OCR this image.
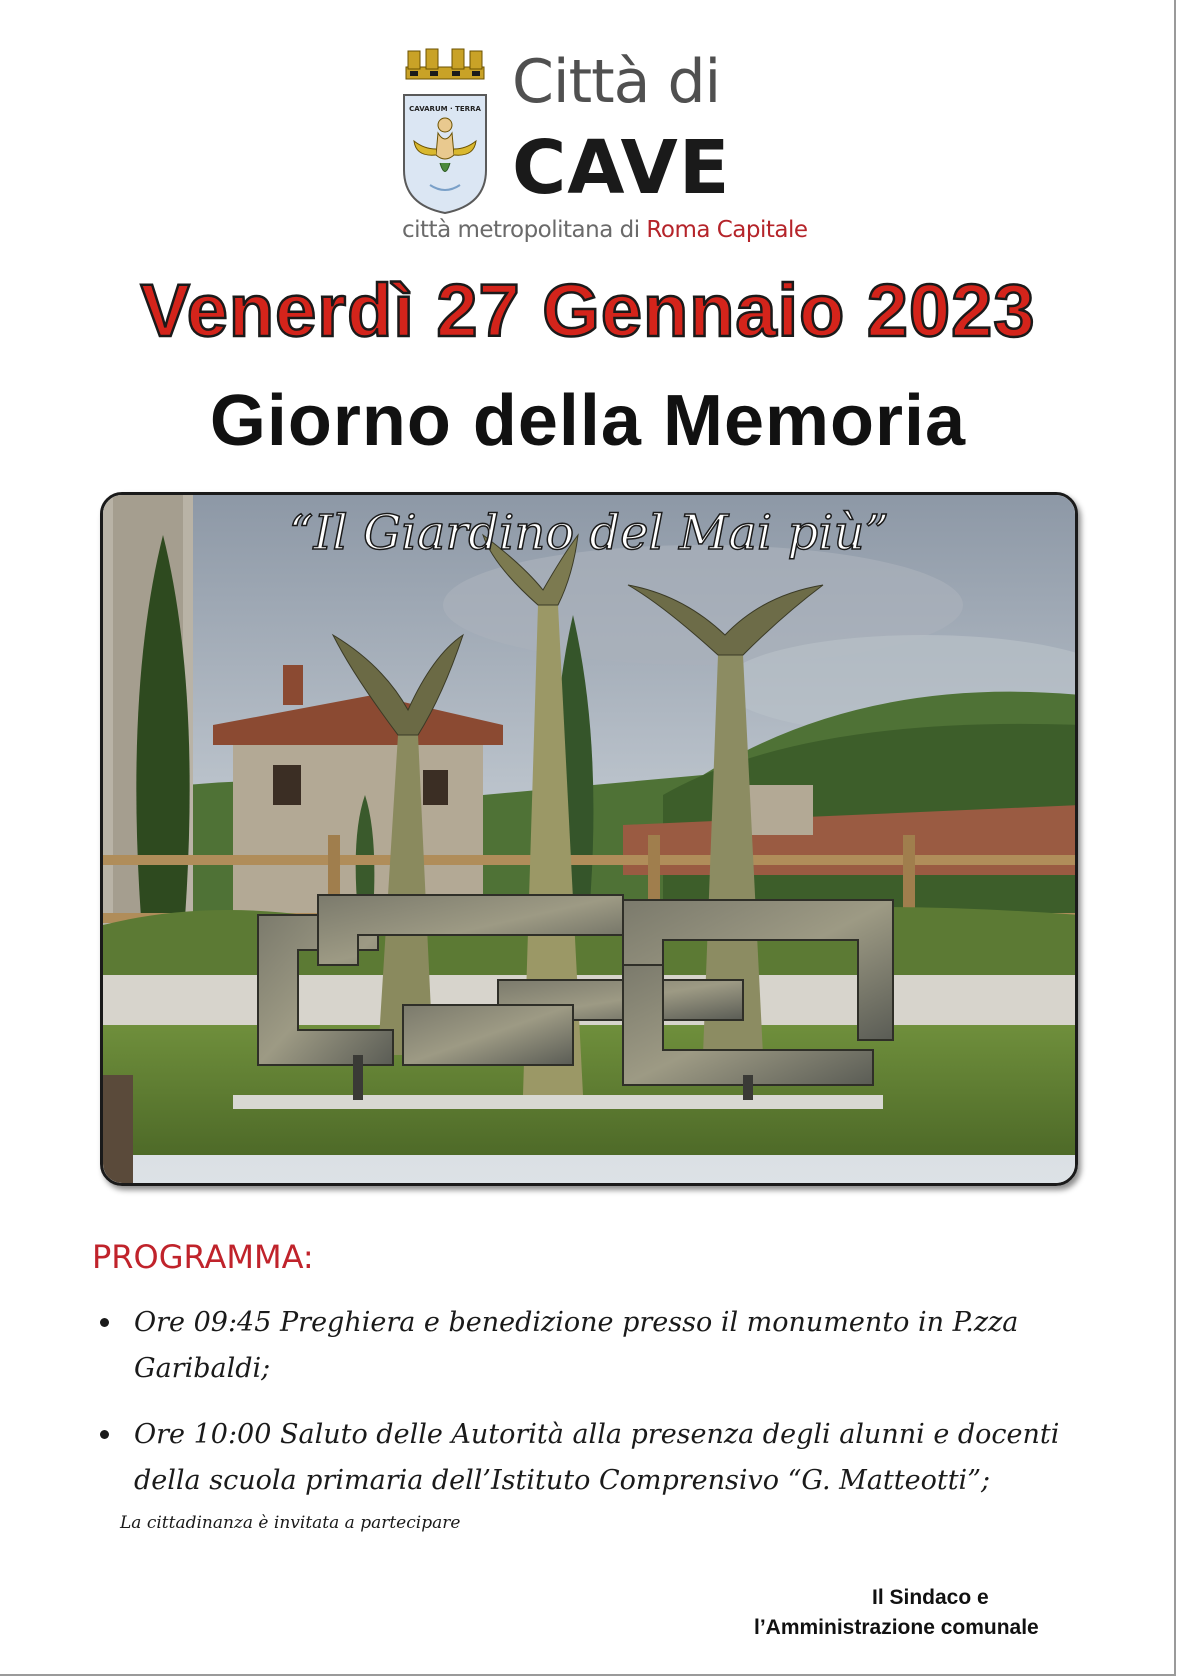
CAVARUM · TERRA Città di
CAVE
città metropolitana di Roma Capitale
Venerdì 27 Gennaio 2023
Giorno della Memoria
“Il Giardino del Mai più”
PROGRAMMA:
Ore 09:45 Preghiera e benedizione presso il monumento in P.zza Garibaldi;
Ore 10:00 Saluto delle Autorità alla presenza degli alunni e docenti della scuola primaria dell’Istituto Comprensivo “G. Matteotti”;
La cittadinanza è invitata a partecipare
Il Sindaco e
l’Amministrazione comunale
